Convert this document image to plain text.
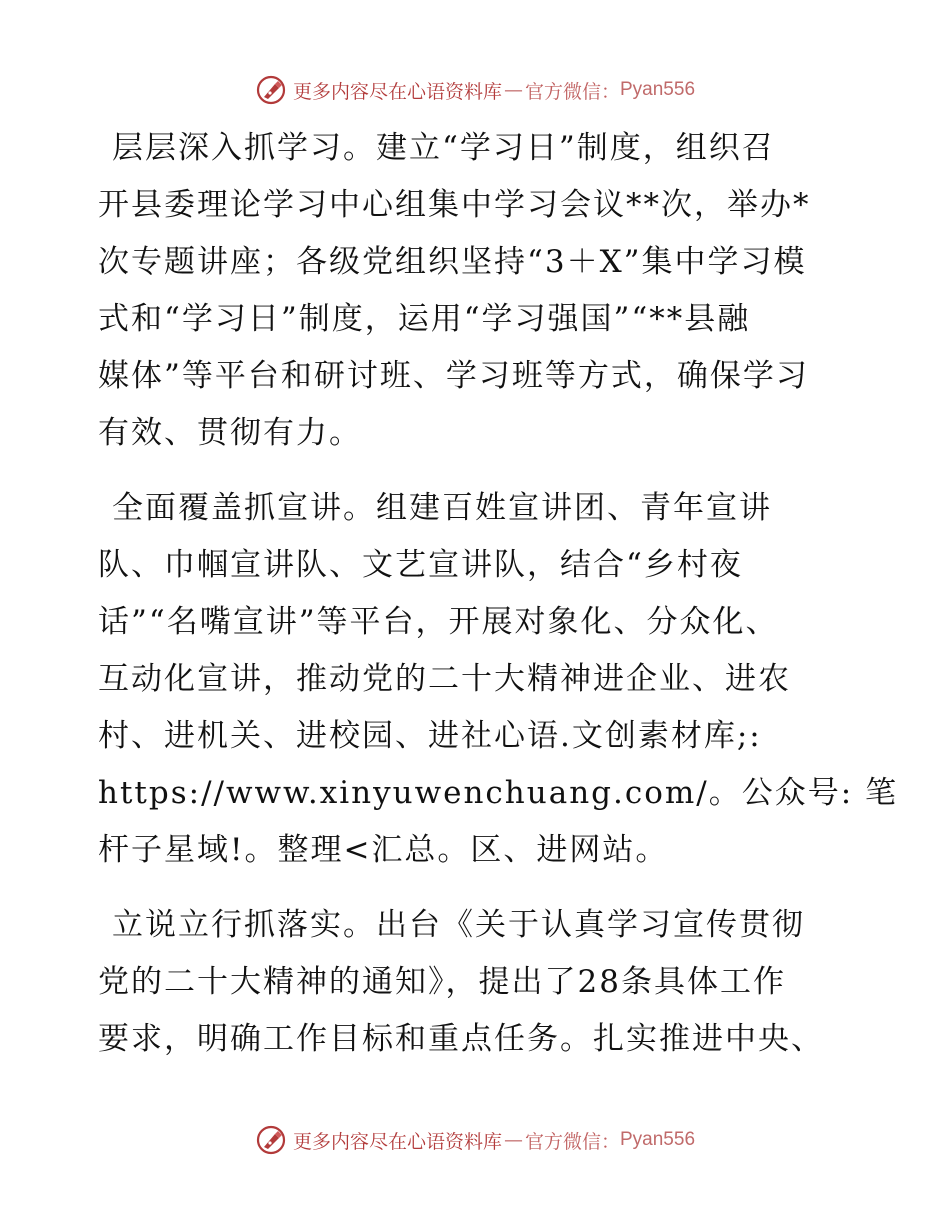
更多内容尽在心语资料库 — 官方微信： Pyan556
层层深入抓学习。建立“学习日”制度，组织召
开县委理论学习中心组集中学习会议**次，举办*
次专题讲座；各级党组织坚持“3＋X”集中学习模
式和“学习日”制度，运用“学习强国”“**县融
媒体”等平台和研讨班、学习班等方式，确保学习
有效、贯彻有力。
全面覆盖抓宣讲。组建百姓宣讲团、青年宣讲
队、巾帼宣讲队、文艺宣讲队，结合“乡村夜
话”“名嘴宣讲”等平台，开展对象化、分众化、
互动化宣讲，推动党的二十大精神进企业、进农
村、进机关、进校园、进社心语.文创素材库;:
https://www.xinyuwenchuang.com/。公众号: 笔
杆子星域!。整理<汇总。区、进网站。
立说立行抓落实。出台《关于认真学习宣传贯彻
党的二十大精神的通知》，提出了28条具体工作
要求，明确工作目标和重点任务。扎实推进中央、
更多内容尽在心语资料库 — 官方微信： Pyan556
